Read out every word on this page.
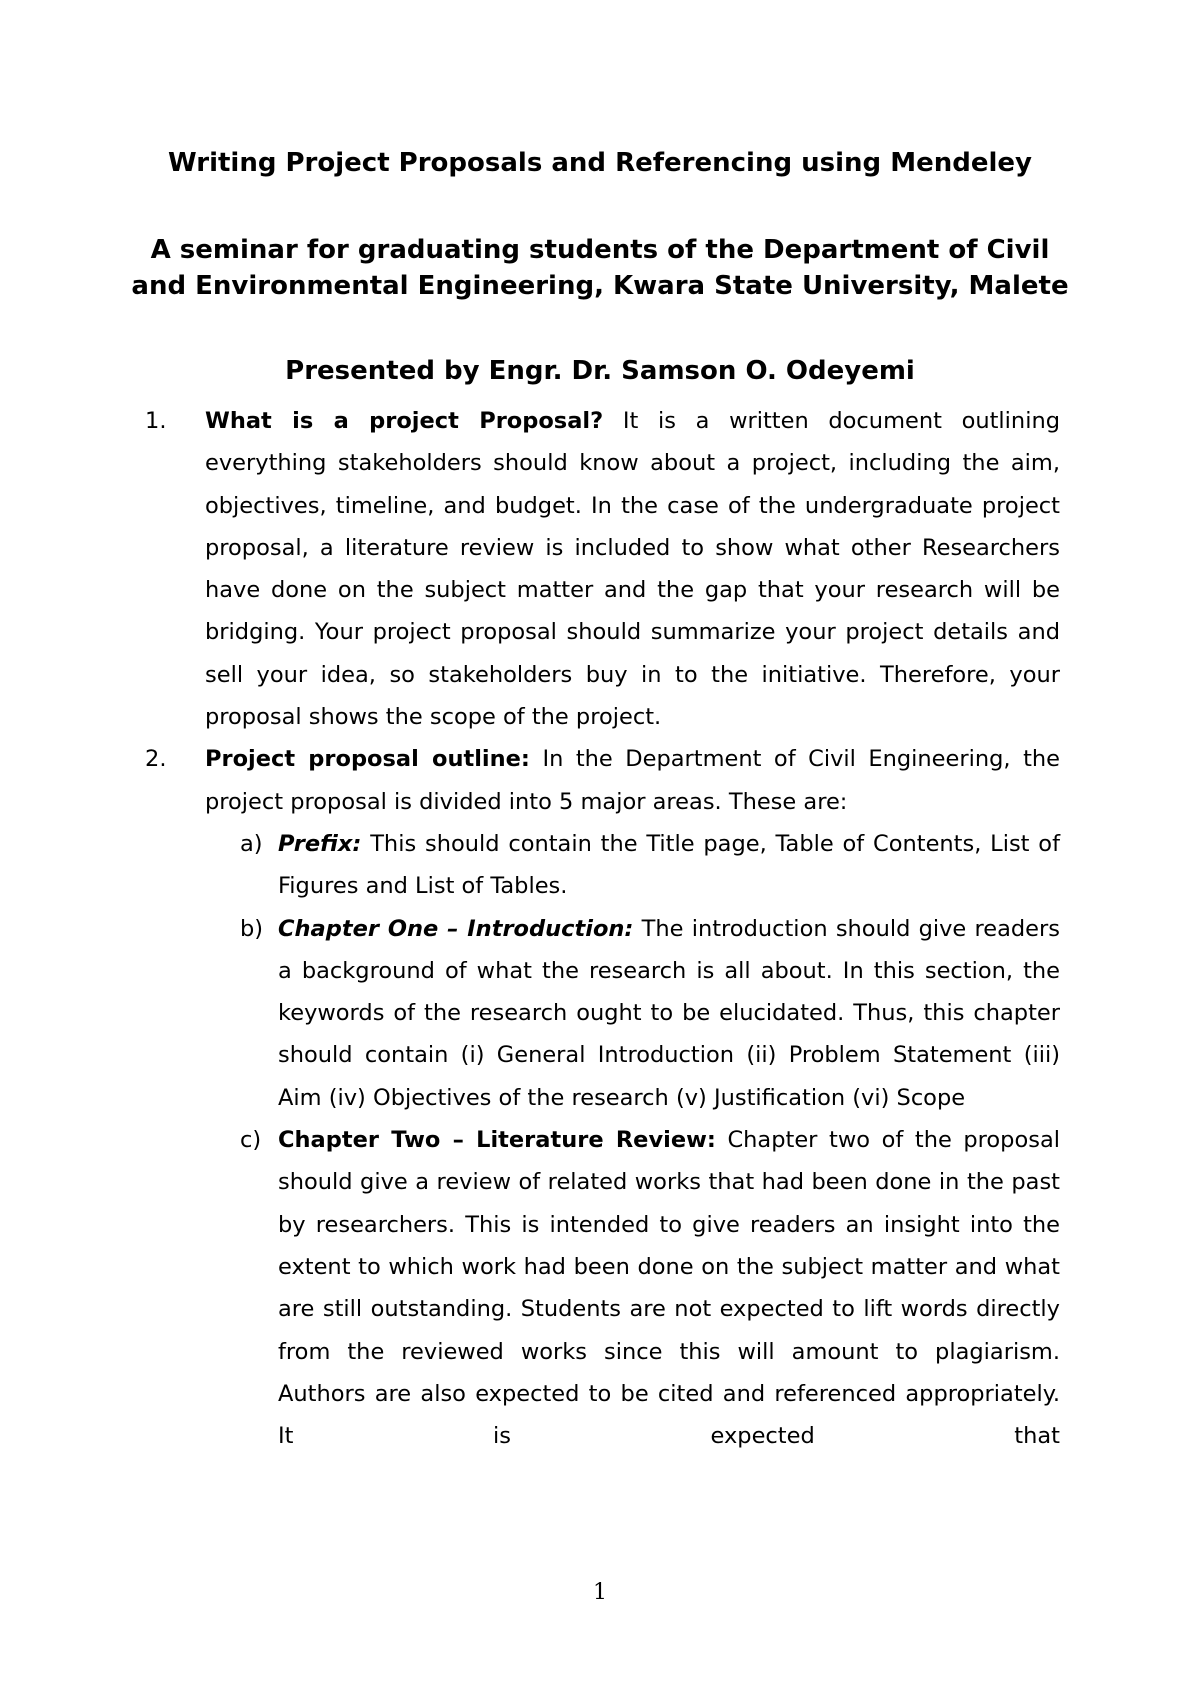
Writing Project Proposals and Referencing using Mendeley
A seminar for graduating students of the Department of Civil and Environmental Engineering, Kwara State University, Malete
Presented by Engr. Dr. Samson O. Odeyemi

1. What is a project Proposal? It is a written document outlining everything stakeholders should know about a project, including the aim, objectives, timeline, and budget. In the case of the undergraduate project proposal, a literature review is included to show what other Researchers have done on the subject matter and the gap that your research will be bridging. Your project proposal should summarize your project details and sell your idea, so stakeholders buy in to the initiative. Therefore, your proposal shows the scope of the project.

2. Project proposal outline: In the Department of Civil Engineering, the project proposal is divided into 5 major areas. These are:

a) Prefix: This should contain the Title page, Table of Contents, List of Figures and List of Tables.

b) Chapter One – Introduction: The introduction should give readers a background of what the research is all about. In this section, the keywords of the research ought to be elucidated. Thus, this chapter should contain (i) General Introduction (ii) Problem Statement (iii) Aim (iv) Objectives of the research (v) Justification (vi) Scope

c) Chapter Two – Literature Review: Chapter two of the proposal should give a review of related works that had been done in the past by researchers. This is intended to give readers an insight into the extent to which work had been done on the subject matter and what are still outstanding. Students are not expected to lift words directly from the reviewed works since this will amount to plagiarism. Authors are also expected to be cited and referenced appropriately. It is expected that

1
